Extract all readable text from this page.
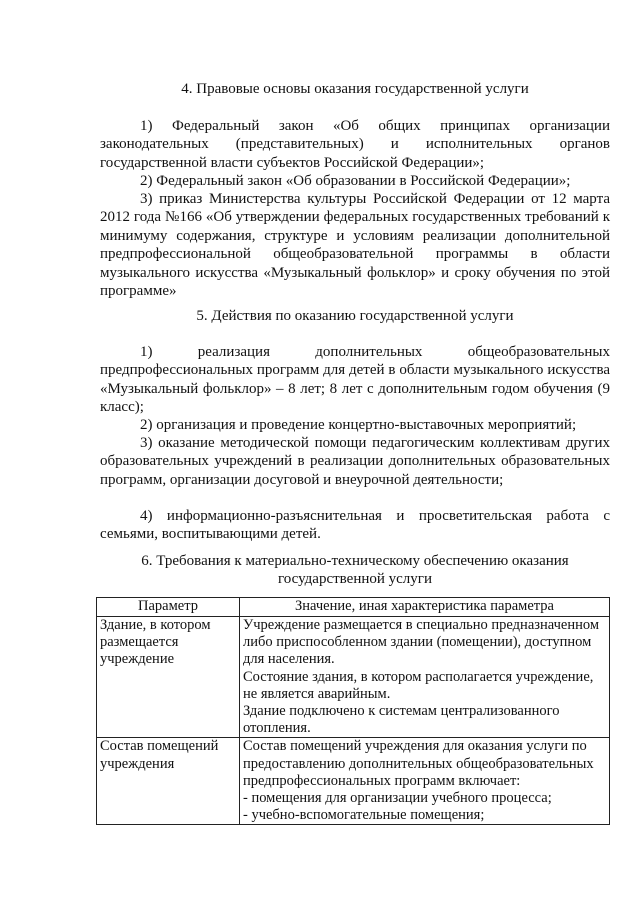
4. Правовые основы оказания государственной услуги

1) Федеральный закон «Об общих принципах организации законодательных (представительных) и исполнительных органов государственной власти субъектов Российской Федерации»;

2) Федеральный закон «Об образовании в Российской Федерации»;

3) приказ Министерства культуры Российской Федерации от 12 марта 2012 года №166 «Об утверждении федеральных государственных требований к минимуму содержания, структуре и условиям реализации дополнительной предпрофессиональной общеобразовательной программы в области музыкального искусства «Музыкальный фольклор» и сроку обучения по этой программе»

5. Действия по оказанию государственной услуги

1) реализация дополнительных общеобразовательных предпрофессиональных программ для детей в области музыкального искусства «Музыкальный фольклор» – 8 лет; 8 лет с дополнительным годом обучения (9 класс);

2) организация и проведение концертно-выставочных мероприятий;

3) оказание методической помощи педагогическим коллективам других образовательных учреждений в реализации дополнительных образовательных программ, организации досуговой и внеурочной деятельности;

4) информационно-разъяснительная и просветительская работа с семьями, воспитывающими детей.

6. Требования к материально-техническому обеспечению оказания
государственной услуги
Параметр	Значение, иная характеристика параметра
Здание, в котором размещается учреждение	Учреждение размещается в специально предназначенном либо приспособленном здании (помещении), доступном для населения.
Состояние здания, в котором располагается учреждение, не является аварийным.
Здание подключено к системам централизованного отопления.
Состав помещений учреждения	Состав помещений учреждения для оказания услуги по предоставлению дополнительных общеобразовательных предпрофессиональных программ включает:
- помещения для организации учебного процесса;
- учебно-вспомогательные помещения;
